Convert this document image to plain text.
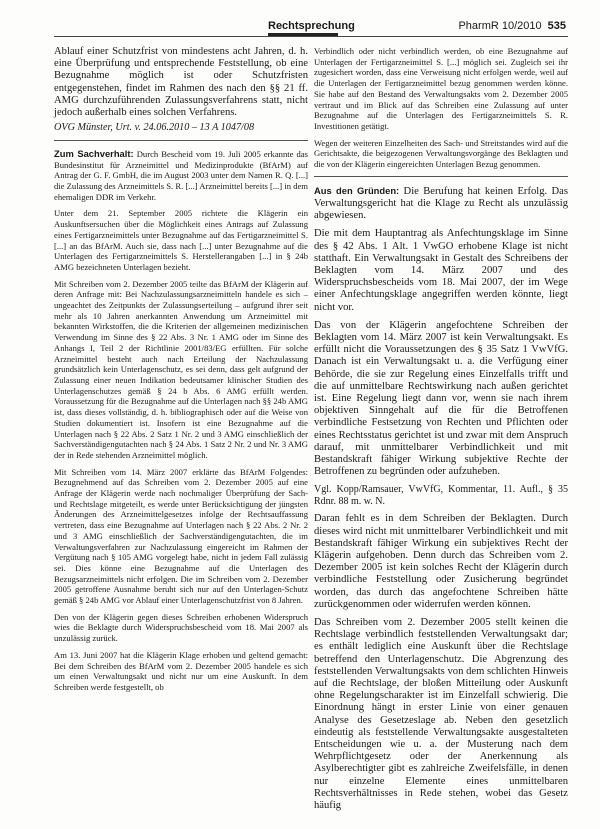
Rechtsprechung	PharmR 10/2010 535

Ablauf einer Schutzfrist von mindestens acht Jahren, d. h. eine Überprüfung und entsprechende Feststellung, ob eine Bezugnahme möglich ist oder Schutzfristen entgegenstehen, findet im Rahmen des nach den §§ 21 ff. AMG durchzuführenden Zulassungsverfahrens statt, nicht jedoch außerhalb eines solchen Verfahrens.

OVG Münster, Urt. v. 24.06.2010 – 13 A 1047/08

Zum Sachverhalt: Durch Bescheid vom 19. Juli 2005 erkannte das Bundesinstitut für Arzneimittel und Medizinprodukte (BfArM) auf Antrag der G. F. GmbH, die im August 2003 unter dem Namen R. Q. [...] die Zulassung des Arzneimittels S. R. [...] Arzneimittel bereits [...] in dem ehemaligen DDR im Verkehr.

Unter dem 21. September 2005 richtete die Klägerin ein Auskunftsersuchen über die Möglichkeit eines Antrags auf Zulassung eines Fertigarzneimittels unter Bezugnahme auf das Fertigarzneimittel S. [...] an das BfArM. Auch sie, dass nach [...] unter Bezugnahme auf die Unterlagen des Fertigarzneimittels S. Herstellerangaben [...] in § 24b AMG bezeichneten Unterlagen bezieht.

Mit Schreiben vom 2. Dezember 2005 teilte das BfArM der Klägerin auf deren Anfrage mit: Bei Nachzulassungsarzneimitteln handele es sich – ungeachtet des Zeitpunkts der Zulassungserteilung – aufgrund ihrer seit mehr als 10 Jahren anerkannten Anwendung um Arzneimittel mit bekannten Wirkstoffen, die die Kriterien der allgemeinen medizinischen Verwendung im Sinne des § 22 Abs. 3 Nr. 1 AMG oder im Sinne des Anhangs I, Teil 2 der Richtlinie 2001/83/EG erfüllten. Für solche Arzneimittel besteht auch nach Erteilung der Nachzulassung grundsätzlich kein Unterlagenschutz, es sei denn, dass gelt aufgrund der Zulassung einer neuen Indikation bedeutsamer klinischer Studien des Unterlagenschutzes gemäß § 24 b Abs. 6 AMG erfüllt werden. Voraussetzung für die Bezugnahme auf die Unterlagen nach §§ 24b AMG ist, dass dieses vollständig, d. h. bibliographisch oder auf die Weise von Studien dokumentiert ist. Insofern ist eine Bezugnahme auf die Unterlagen nach § 22 Abs. 2 Satz 1 Nr. 2 und 3 AMG einschließlich der Sachverständigengutachten nach § 24 Abs. 1 Satz 2 Nr. 2 und Nr. 3 AMG der in Rede stehenden Arzneimittel möglich.

Mit Schreiben vom 14. März 2007 erklärte das BfArM Folgendes: Bezugnehmend auf das Schreiben vom 2. Dezember 2005 auf eine Anfrage der Klägerin werde nach nochmaliger Überprüfung der Sach- und Rechtslage mitgeteilt, es werde unter Berücksichtigung der jüngsten Änderungen des Arzneimittelgesetzes infolge der Rechtsauffassung vertreten, dass eine Bezugnahme auf Unterlagen nach § 22 Abs. 2 Nr. 2 und 3 AMG einschließlich der Sachverständigengutachten, die im Verwaltungsverfahren zur Nachzulassung eingereicht im Rahmen der Vergütung nach § 105 AMG vorgelegt habe, nicht in jedem Fall zulässig sei. Dies könne eine Bezugnahme auf die Unterlagen des Bezugsarzneimittels nicht erfolgen. Die im Schreiben vom 2. Dezember 2005 getroffene Ausnahme beruht sich nur auf den Unterlagen-Schutz gemäß § 24b AMG vor Ablauf einer Unterlagenschutzfrist von 8 Jahren.

Den von der Klägerin gegen dieses Schreiben erhobenen Widerspruch wies die Beklagte durch Widerspruchsbescheid vom 18. Mai 2007 als unzulässig zurück.

Am 13. Juni 2007 hat die Klägerin Klage erhoben und geltend gemacht: Bei dem Schreiben des BfArM vom 2. Dezember 2005 handele es sich um einen Verwaltungsakt und nicht nur um eine Auskunft. In dem Schreiben werde festgestellt, ob

Verbindlich oder nicht verbindlich werden, ob eine Bezugnahme auf Unterlagen der Fertigarzneimittel S. [...] möglich sei. Zugleich sei ihr zugesichert worden, dass eine Verweisung nicht erfolgen werde, weil auf die Unterlagen der Fertigarzneimittel bezug genommen werden könne. Sie habe auf den Bestand des Verwaltungsakts vom 2. Dezember 2005 vertraut und im Blick auf das Schreiben eine Zulassung auf unter Bezugnahme auf die Unterlagen des Fertigarzneimittels S. R. Investitionen getätigt.

Wegen der weiteren Einzelheiten des Sach- und Streitstandes wird auf die Gerichtsakte, die beigezogenen Verwaltungsvorgänge des Beklagten und die von der Klägerin eingereichten Unterlagen Bezug genommen.

Aus den Gründen: Die Berufung hat keinen Erfolg. Das Verwaltungsgericht hat die Klage zu Recht als unzulässig abgewiesen.

Die mit dem Hauptantrag als Anfechtungsklage im Sinne des § 42 Abs. 1 Alt. 1 VwGO erhobene Klage ist nicht statthaft. Ein Verwaltungsakt in Gestalt des Schreibens der Beklagten vom 14. März 2007 und des Widerspruchsbescheids vom 18. Mai 2007, der im Wege einer Anfechtungsklage angegriffen werden könnte, liegt nicht vor.

Das von der Klägerin angefochtene Schreiben der Beklagten vom 14. März 2007 ist kein Verwaltungsakt. Es erfüllt nicht die Voraussetzungen des § 35 Satz 1 VwVfG. Danach ist ein Verwaltungsakt u. a. die Verfügung einer Behörde, die sie zur Regelung eines Einzelfalls trifft und die auf unmittelbare Rechtswirkung nach außen gerichtet ist. Eine Regelung liegt dann vor, wenn sie nach ihrem objektiven Sinngehalt auf die für die Betroffenen verbindliche Festsetzung von Rechten und Pflichten oder eines Rechtsstatus gerichtet ist und zwar mit dem Anspruch darauf, mit unmittelbarer Verbindlichkeit und mit Bestandskraft fähiger Wirkung subjektive Rechte der Betroffenen zu begründen oder aufzuheben.

Vgl. Kopp/Ramsauer, VwVfG, Kommentar, 11. Aufl., § 35 Rdnr. 88 m. w. N.

Daran fehlt es in dem Schreiben der Beklagten. Durch dieses wird nicht mit unmittelbarer Verbindlichkeit und mit Bestandskraft fähiger Wirkung ein subjektives Recht der Klägerin aufgehoben. Denn durch das Schreiben vom 2. Dezember 2005 ist kein solches Recht der Klägerin durch verbindliche Feststellung oder Zusicherung begründet worden, das durch das angefochtene Schreiben hätte zurückgenommen oder widerrufen werden können.

Das Schreiben vom 2. Dezember 2005 stellt keinen die Rechtslage verbindlich feststellenden Verwaltungsakt dar; es enthält lediglich eine Auskunft über die Rechtslage betreffend den Unterlagenschutz. Die Abgrenzung des feststellenden Verwaltungsakts von dem schlichten Hinweis auf die Rechtslage, der bloßen Mitteilung oder Auskunft ohne Regelungscharakter ist im Einzelfall schwierig. Die Einordnung hängt in erster Linie von einer genauen Analyse des Gesetzeslage ab. Neben den gesetzlich eindeutig als feststellende Verwaltungsakte ausgestalteten Entscheidungen wie u. a. der Musterung nach dem Wehrpflichtgesetz oder der Anerkennung als Asylberechtigter gibt es zahlreiche Zweifelsfälle, in denen nur einzelne Elemente eines unmittelbaren Rechtsverhältnisses in Rede stehen, wobei das Gesetz häufig
